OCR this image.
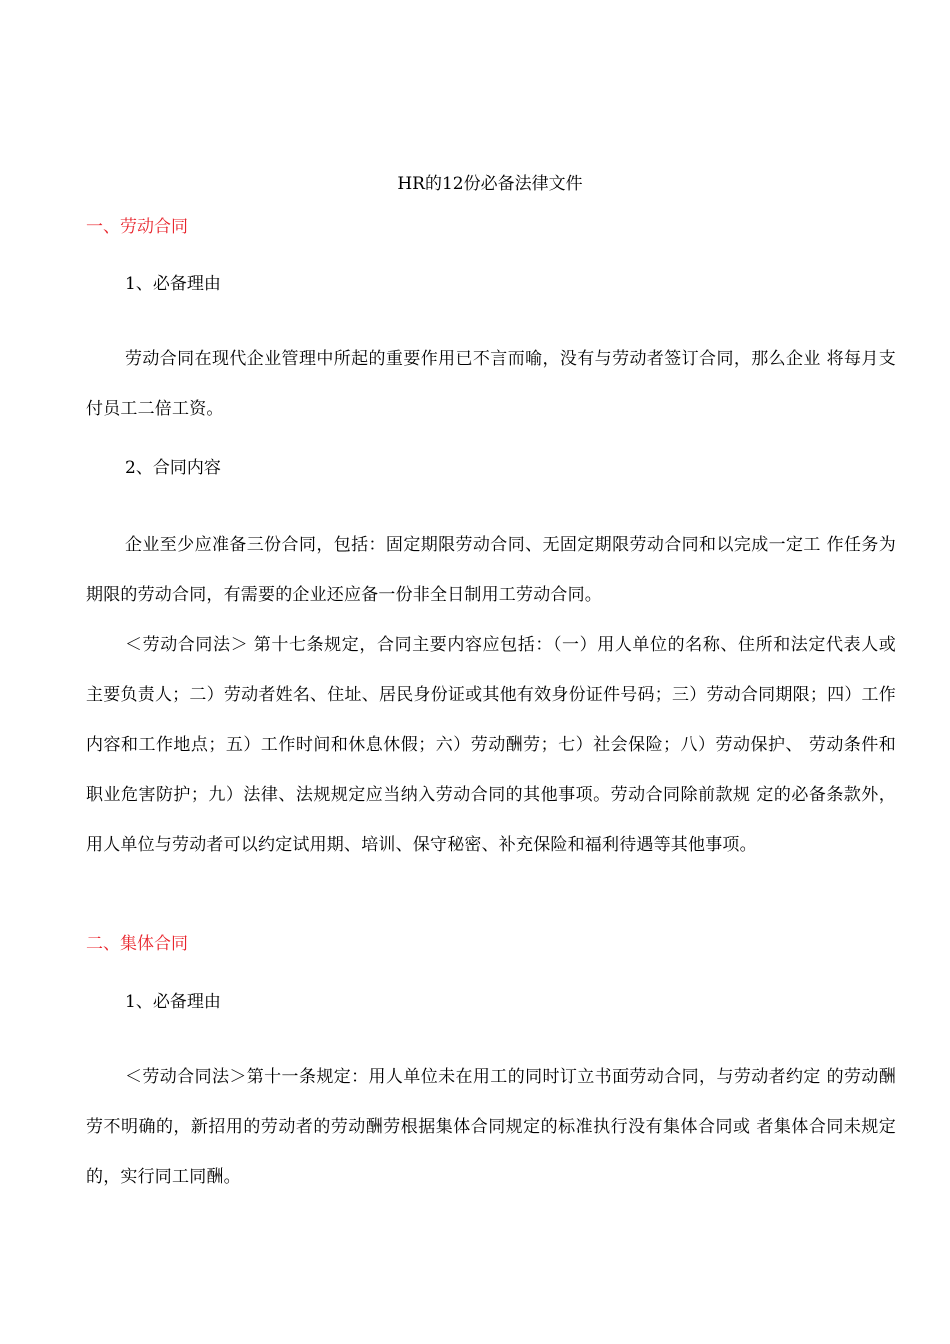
HR的12份必备法律文件
一、劳动合同
1、必备理由
劳动合同在现代企业管理中所起的重要作用已不言而喻，没有与劳动者签订合同，那么企业 将每月支付员工二倍工资。
2、合同内容
企业至少应准备三份合同，包括：固定期限劳动合同、无固定期限劳动合同和以完成一定工 作任务为期限的劳动合同，有需要的企业还应备一份非全日制用工劳动合同。
＜劳动合同法＞ 第十七条规定，合同主要内容应包括：（一）用人单位的名称、住所和法定代表人或主要负责人；二）劳动者姓名、住址、居民身份证或其他有效身份证件号码；三）劳动合同期限；四）工作内容和工作地点；五）工作时间和休息休假；六）劳动酬劳；七）社会保险；八）劳动保护、 劳动条件和职业危害防护；九）法律、法规规定应当纳入劳动合同的其他事项。劳动合同除前款规 定的必备条款外，用人单位与劳动者可以约定试用期、培训、保守秘密、补充保险和福利待遇等其他事项。
二、集体合同
1、必备理由
＜劳动合同法＞第十一条规定：用人单位未在用工的同时订立书面劳动合同，与劳动者约定 的劳动酬劳不明确的，新招用的劳动者的劳动酬劳根据集体合同规定的标准执行没有集体合同或 者集体合同未规定的，实行同工同酬。
